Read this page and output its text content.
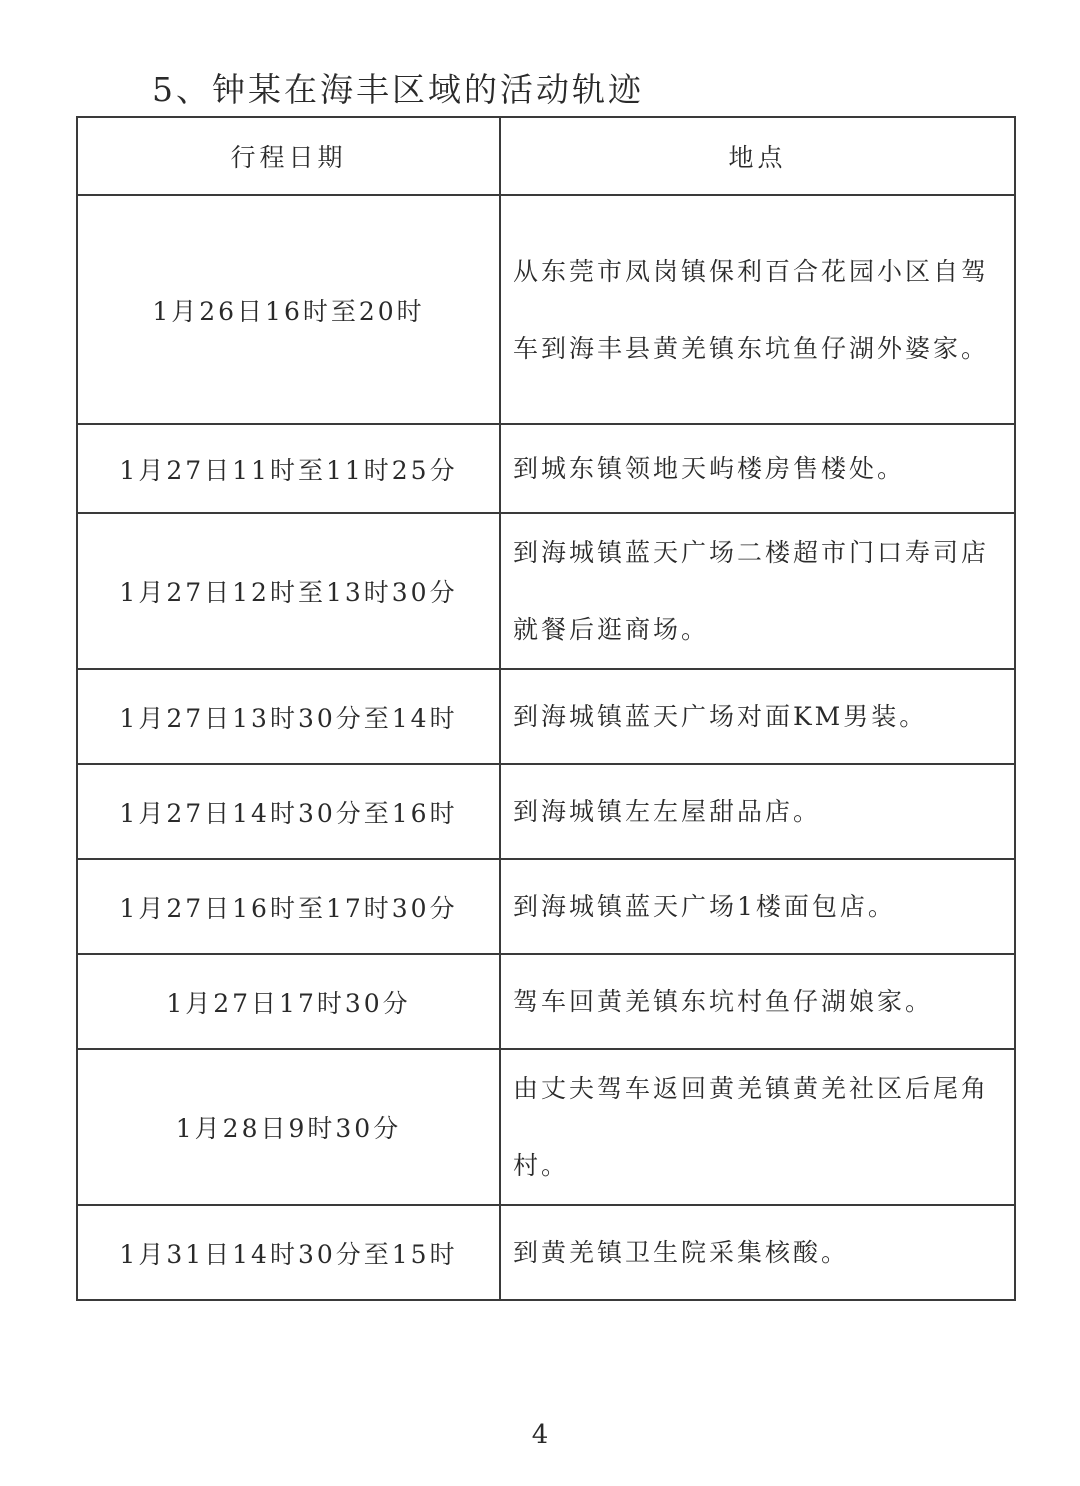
5、钟某在海丰区域的活动轨迹
行程日期	地点
1月26日16时至20时	从东莞市凤岗镇保利百合花园小区自驾车到海丰县黄羌镇东坑鱼仔湖外婆家。
1月27日11时至11时25分	到城东镇领地天屿楼房售楼处。
1月27日12时至13时30分	到海城镇蓝天广场二楼超市门口寿司店就餐后逛商场。
1月27日13时30分至14时	到海城镇蓝天广场对面KM男装。
1月27日14时30分至16时	到海城镇左左屋甜品店。
1月27日16时至17时30分	到海城镇蓝天广场1楼面包店。
1月27日17时30分	驾车回黄羌镇东坑村鱼仔湖娘家。
1月28日9时30分	由丈夫驾车返回黄羌镇黄羌社区后尾角村。
1月31日14时30分至15时	到黄羌镇卫生院采集核酸。
4
